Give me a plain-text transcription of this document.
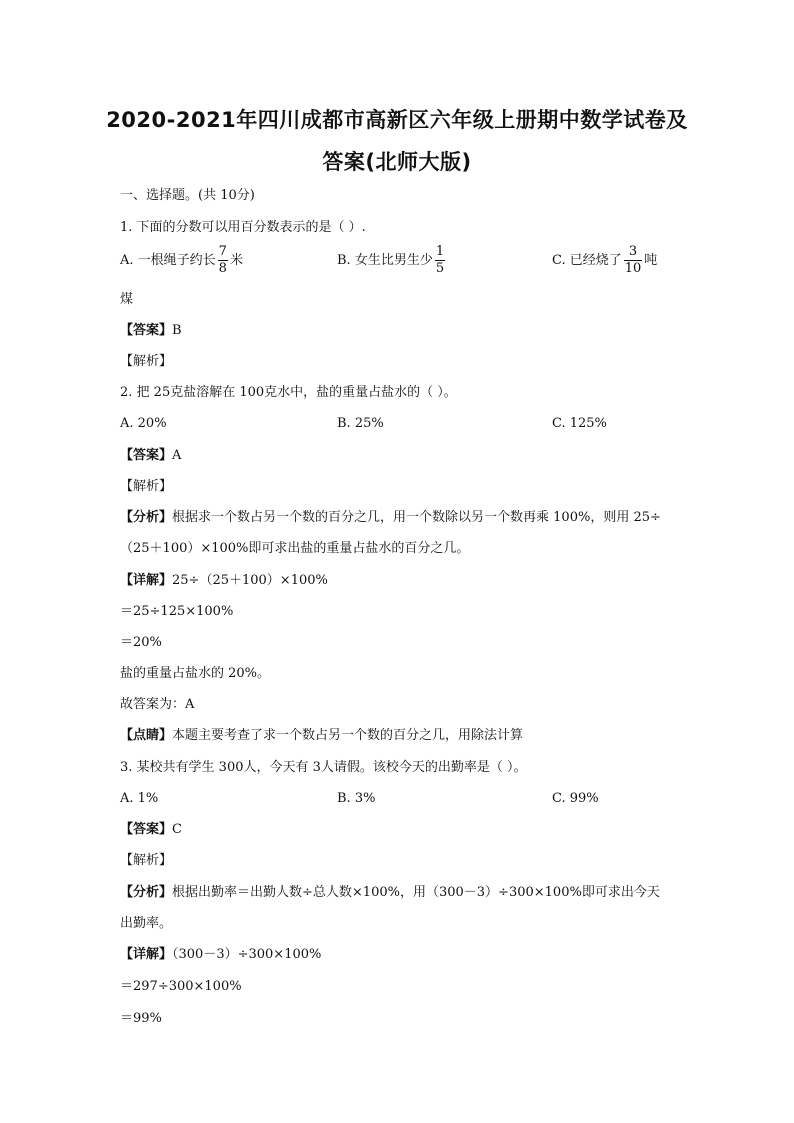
2020-2021年四川成都市高新区六年级上册期中数学试卷及
答案(北师大版)
一、选择题。(共 10分)
1. 下面的分数可以用百分数表示的是（ ）.
A. 一根绳子约长 $\frac{7}{8}$ 米	B. 女生比男生少 $\frac{1}{5}$	C. 已经烧了 $\frac{3}{10}$ 吨
煤
【答案】B
【解析】
2. 把 25克盐溶解在 100克水中，盐的重量占盐水的（ ）。
A. 20%	B. 25%	C. 125%
【答案】A
【解析】
【分析】根据求一个数占另一个数的百分之几，用一个数除以另一个数再乘 100%，则用 25÷
（25＋100）×100%即可求出盐的重量占盐水的百分之几。
【详解】25÷（25＋100）×100%
＝25÷125×100%
＝20%
盐的重量占盐水的 20%。
故答案为：A
【点睛】本题主要考查了求一个数占另一个数的百分之几，用除法计算
3. 某校共有学生 300人，今天有 3人请假。该校今天的出勤率是（ ）。
A. 1%	B. 3%	C. 99%
【答案】C
【解析】
【分析】根据出勤率＝出勤人数÷总人数×100%，用（300－3）÷300×100%即可求出今天
出勤率。
【详解】（300－3）÷300×100%
＝297÷300×100%
＝99%
